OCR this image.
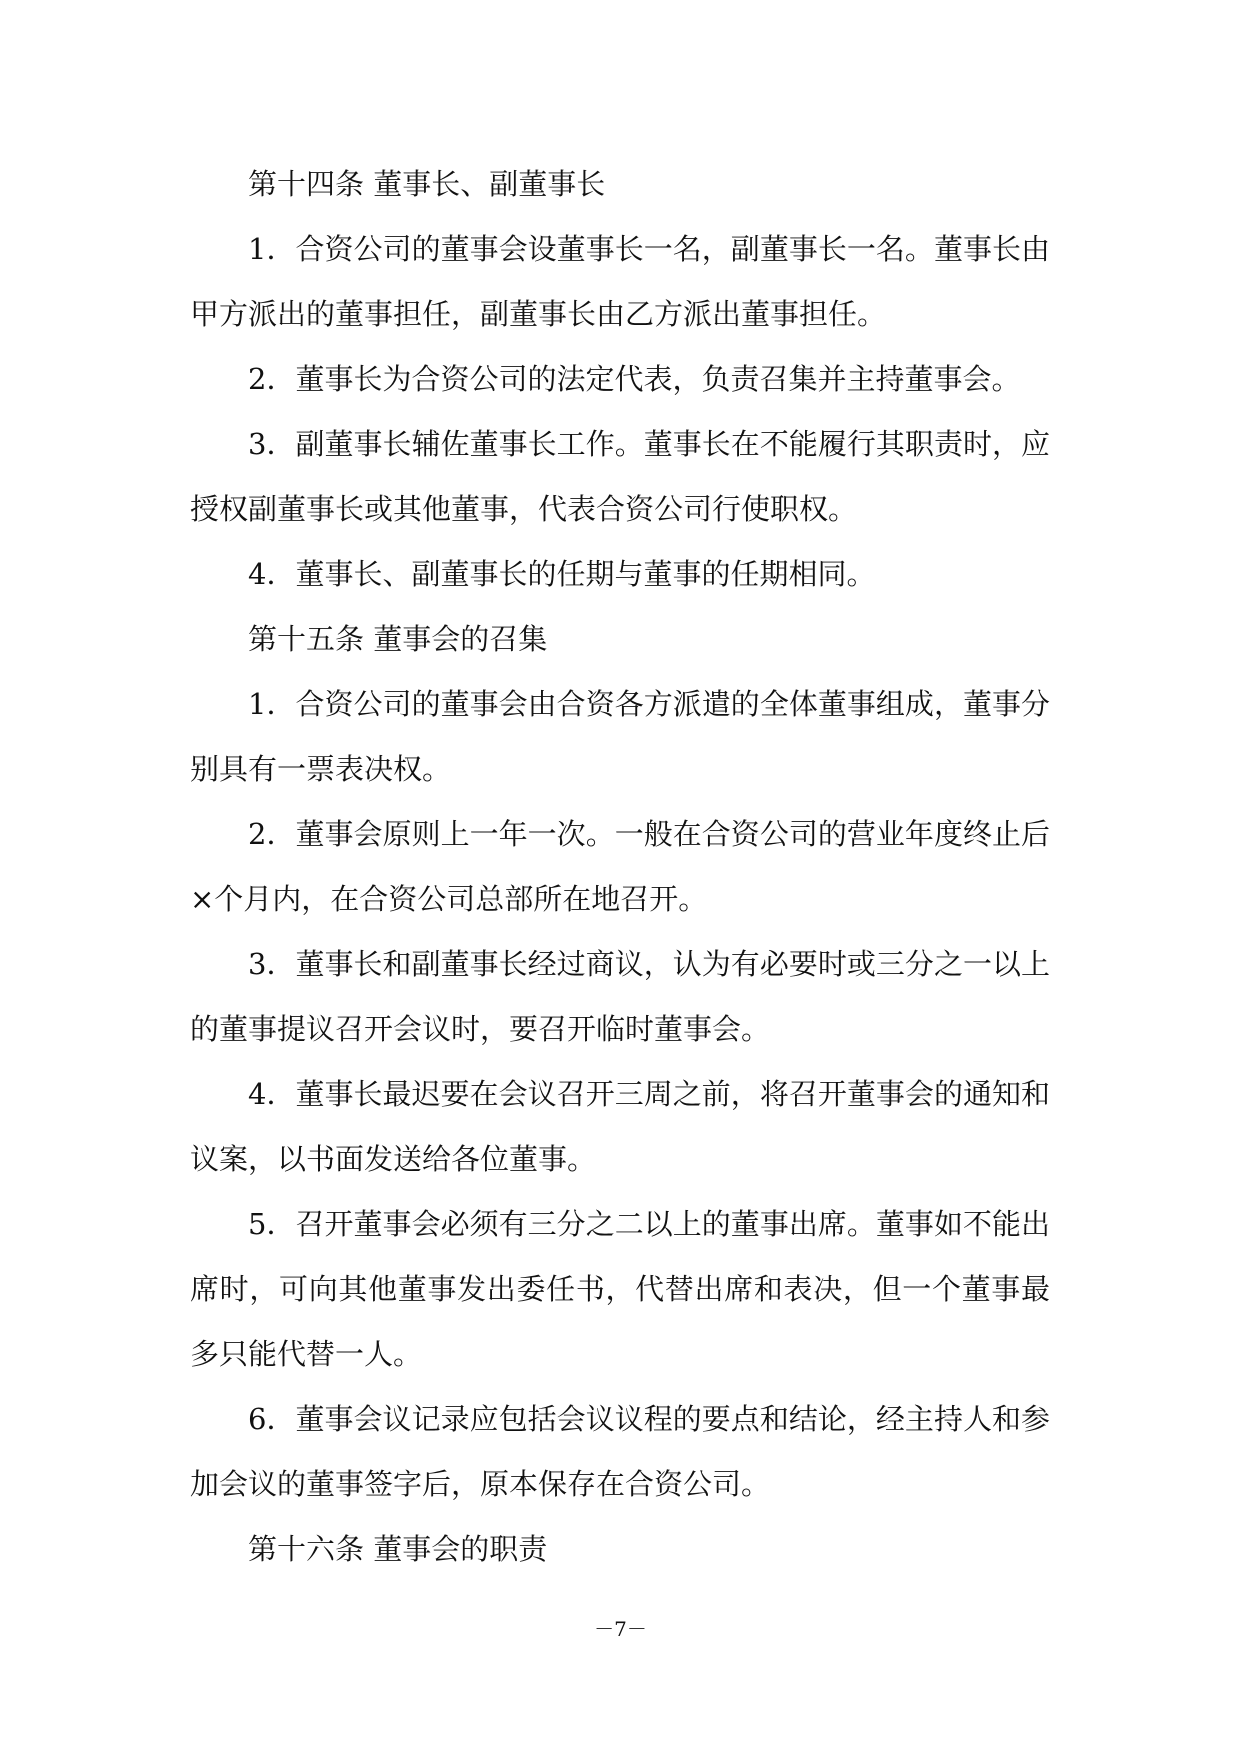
第十四条 董事长、副董事长

1．合资公司的董事会设董事长一名，副董事长一名。董事长由甲方派出的董事担任，副董事长由乙方派出董事担任。

2．董事长为合资公司的法定代表，负责召集并主持董事会。

3．副董事长辅佐董事长工作。董事长在不能履行其职责时，应授权副董事长或其他董事，代表合资公司行使职权。

4．董事长、副董事长的任期与董事的任期相同。

第十五条 董事会的召集

1．合资公司的董事会由合资各方派遣的全体董事组成，董事分别具有一票表决权。

2．董事会原则上一年一次。一般在合资公司的营业年度终止后×个月内，在合资公司总部所在地召开。

3．董事长和副董事长经过商议，认为有必要时或三分之一以上的董事提议召开会议时，要召开临时董事会。

4．董事长最迟要在会议召开三周之前，将召开董事会的通知和议案，以书面发送给各位董事。

5．召开董事会必须有三分之二以上的董事出席。董事如不能出席时，可向其他董事发出委任书，代替出席和表决，但一个董事最多只能代替一人。

6．董事会议记录应包括会议议程的要点和结论，经主持人和参加会议的董事签字后，原本保存在合资公司。

第十六条 董事会的职责

－7－
